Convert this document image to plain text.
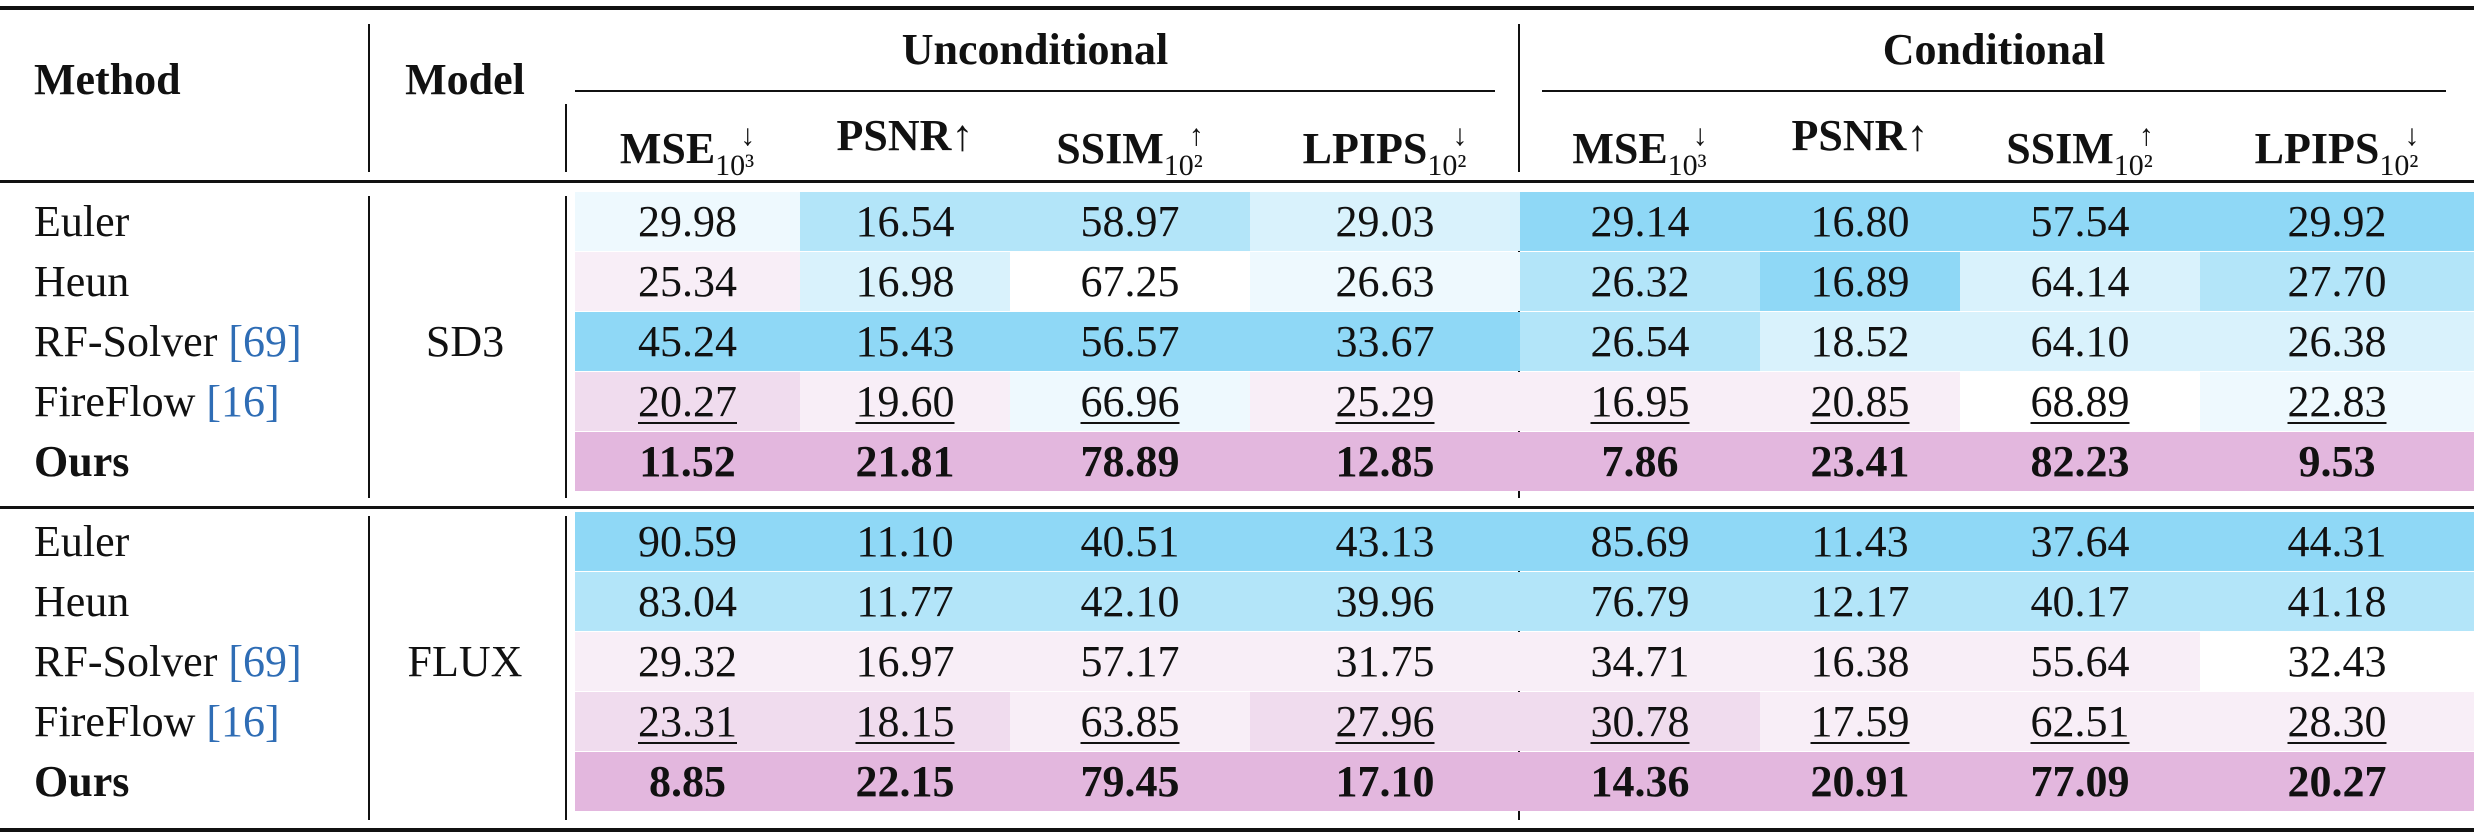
Method	Model
Unconditional	Conditional
$MSE_{10^3}^↓$	PSNR↑	$SSIM_{10^2}^↑$	$LPIPS_{10^2}^↓$	$MSE_{10^3}^↓$	PSNR↑	$SSIM_{10^2}^↑$	$LPIPS_{10^2}^↓$
SD3
Euler	29.98	16.54	58.97	29.03	29.14	16.80	57.54	29.92
Heun	25.34	16.98	67.25	26.63	26.32	16.89	64.14	27.70
RF-Solver [69]	45.24	15.43	56.57	33.67	26.54	18.52	64.10	26.38
FireFlow [16]	20.27	19.60	66.96	25.29	16.95	20.85	68.89	22.83
Ours	11.52	21.81	78.89	12.85	7.86	23.41	82.23	9.53
FLUX
Euler	90.59	11.10	40.51	43.13	85.69	11.43	37.64	44.31
Heun	83.04	11.77	42.10	39.96	76.79	12.17	40.17	41.18
RF-Solver [69]	29.32	16.97	57.17	31.75	34.71	16.38	55.64	32.43
FireFlow [16]	23.31	18.15	63.85	27.96	30.78	17.59	62.51	28.30
Ours	8.85	22.15	79.45	17.10	14.36	20.91	77.09	20.27
